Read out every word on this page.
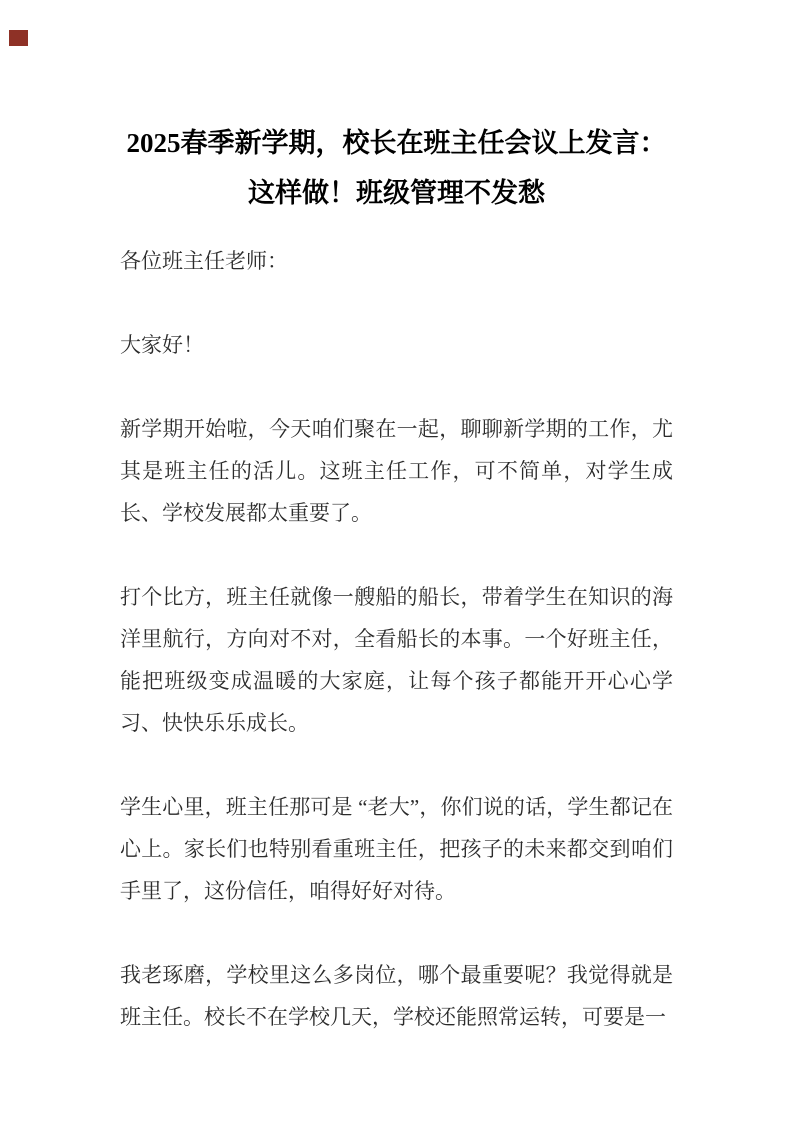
2025春季新学期，校长在班主任会议上发言：
这样做！班级管理不发愁

各位班主任老师：

大家好！

新学期开始啦，今天咱们聚在一起，聊聊新学期的工作，尤其是班主任的活儿。这班主任工作，可不简单，对学生成长、学校发展都太重要了。

打个比方，班主任就像一艘船的船长，带着学生在知识的海洋里航行，方向对不对，全看船长的本事。一个好班主任，能把班级变成温暖的大家庭，让每个孩子都能开开心心学习、快快乐乐成长。

学生心里，班主任那可是 “老大”，你们说的话，学生都记在心上。家长们也特别看重班主任，把孩子的未来都交到咱们手里了，这份信任，咱得好好对待。

我老琢磨，学校里这么多岗位，哪个最重要呢？我觉得就是班主任。校长不在学校几天，学校还能照常运转，可要是一
